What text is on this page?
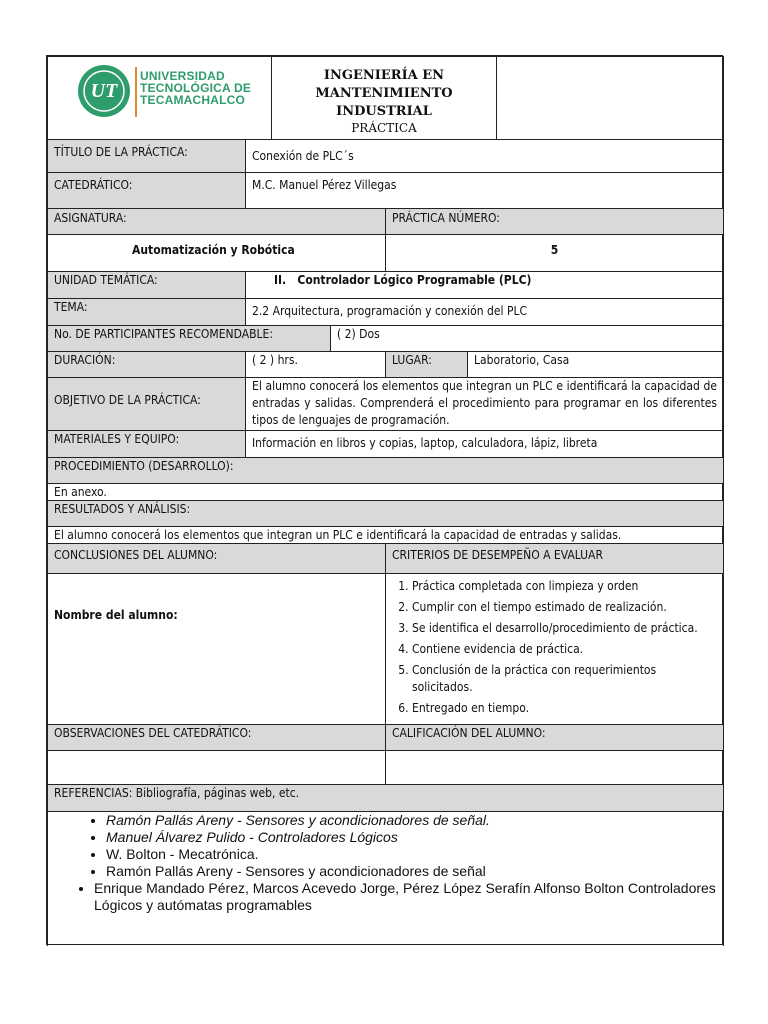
UT
UNIVERSIDAD
TECNOLÓGICA DE
TECAMACHALCO
INGENIERÍA EN
MANTENIMIENTO
INDUSTRIAL
PRÁCTICA
TÍTULO DE LA PRÁCTICA:	Conexión de PLC´s
CATEDRÁTICO:	M.C. Manuel Pérez Villegas
ASIGNATURA:	PRÁCTICA NÚMERO:
Automatización y Robótica	5
UNIDAD TEMÁTICA:	II.   Controlador Lógico Programable (PLC)
TEMA:	2.2 Arquitectura, programación y conexión del PLC
No. DE PARTICIPANTES RECOMENDABLE:	( 2) Dos
DURACIÓN:	( 2 ) hrs.	LUGAR:	Laboratorio, Casa
OBJETIVO DE LA PRÁCTICA:
El alumno conocerá los elementos que integran un PLC e identificará la capacidad de entradas y salidas. Comprenderá el procedimiento para programar en los diferentes tipos de lenguajes de programación.
MATERIALES Y EQUIPO:	Información en libros y copias, laptop, calculadora, lápiz, libreta
PROCEDIMIENTO (DESARROLLO):
En anexo.
RESULTADOS Y ANÁLISIS:
El alumno conocerá los elementos que integran un PLC e identificará la capacidad de entradas y salidas.
CONCLUSIONES DEL ALUMNO:	CRITERIOS DE DESEMPEÑO A EVALUAR
Nombre del alumno:
1. Práctica completada con limpieza y orden
2. Cumplir con el tiempo estimado de realización.
3. Se identifica el desarrollo/procedimiento de práctica.
4. Contiene evidencia de práctica.
5. Conclusión de la práctica con requerimientos solicitados.
6. Entregado en tiempo.
OBSERVACIONES DEL CATEDRÁTICO:	CALIFICACIÓN DEL ALUMNO:
REFERENCIAS: Bibliografía, páginas web, etc.
• Ramón Pallás Areny - Sensores y acondicionadores de señal.
• Manuel Álvarez Pulido - Controladores Lógicos
• W. Bolton - Mecatrónica.
• Ramón Pallás Areny - Sensores y acondicionadores de señal
• Enrique Mandado Pérez, Marcos Acevedo Jorge, Pérez López Serafín Alfonso Bolton Controladores Lógicos y autómatas programables
